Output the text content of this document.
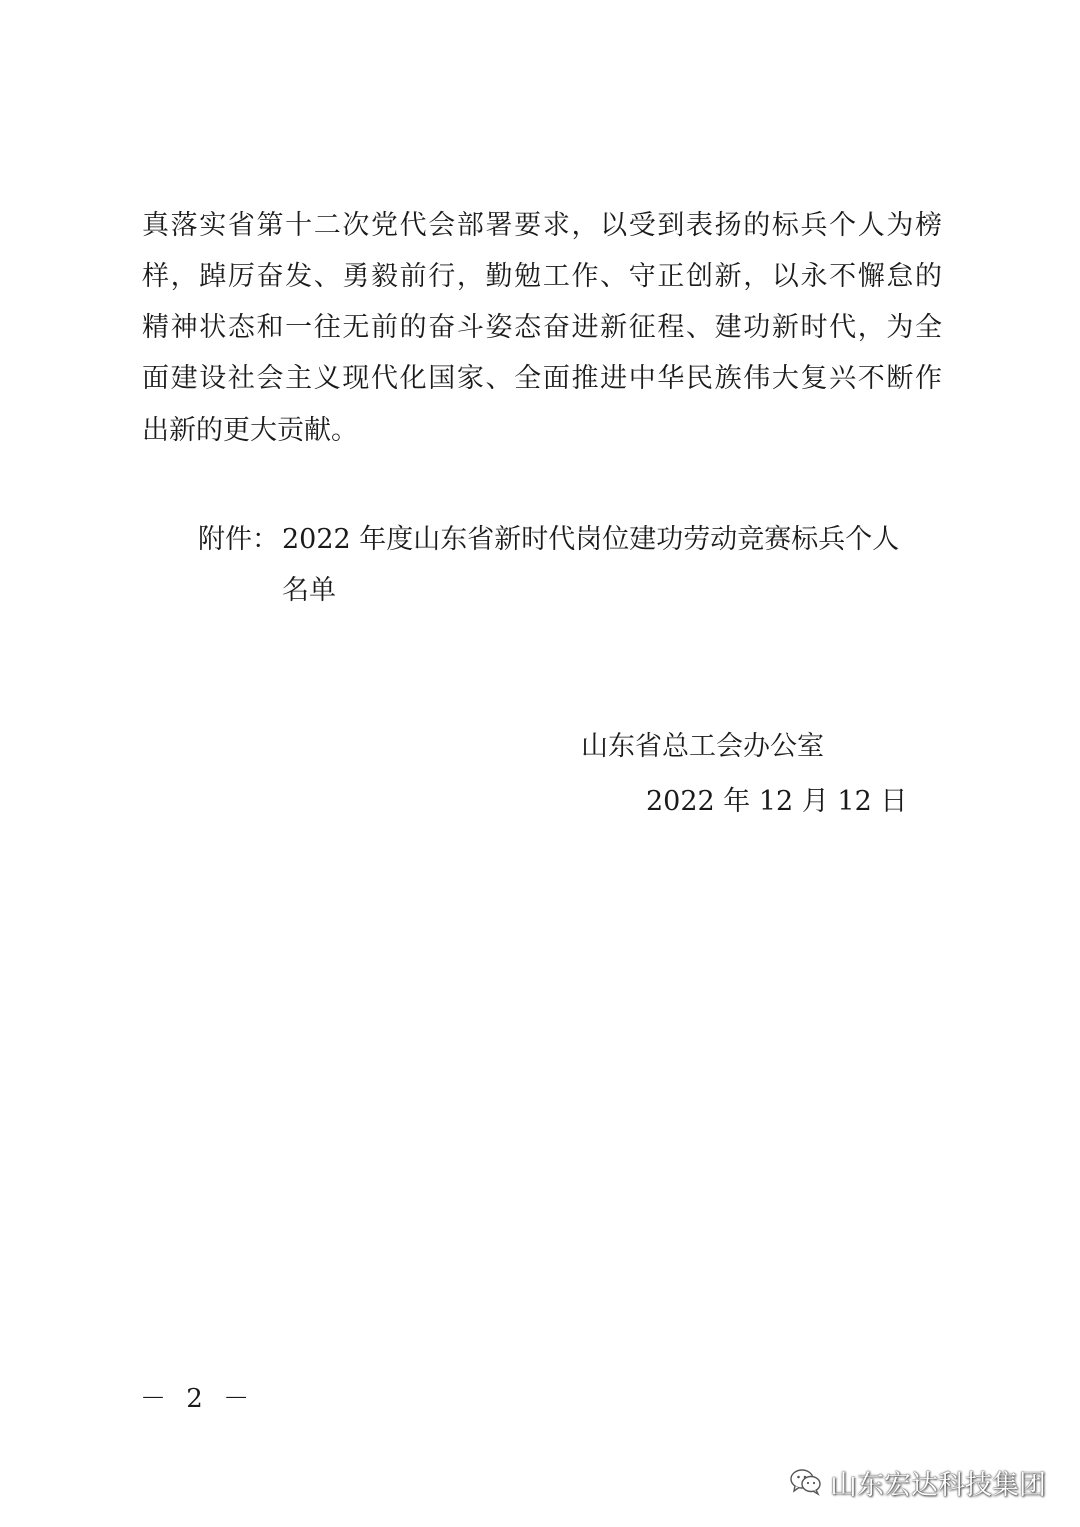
真落实省第十二次党代会部署要求，以受到表扬的标兵个人为榜
样，踔厉奋发、勇毅前行，勤勉工作、守正创新，以永不懈怠的
精神状态和一往无前的奋斗姿态奋进新征程、建功新时代，为全
面建设社会主义现代化国家、全面推进中华民族伟大复兴不断作
出新的更大贡献。
附件： 2022 年度山东省新时代岗位建功劳动竞赛标兵个人
名单
山东省总工会办公室
2022 年 12 月 12 日
－ 2 －
山东宏达科技集团
